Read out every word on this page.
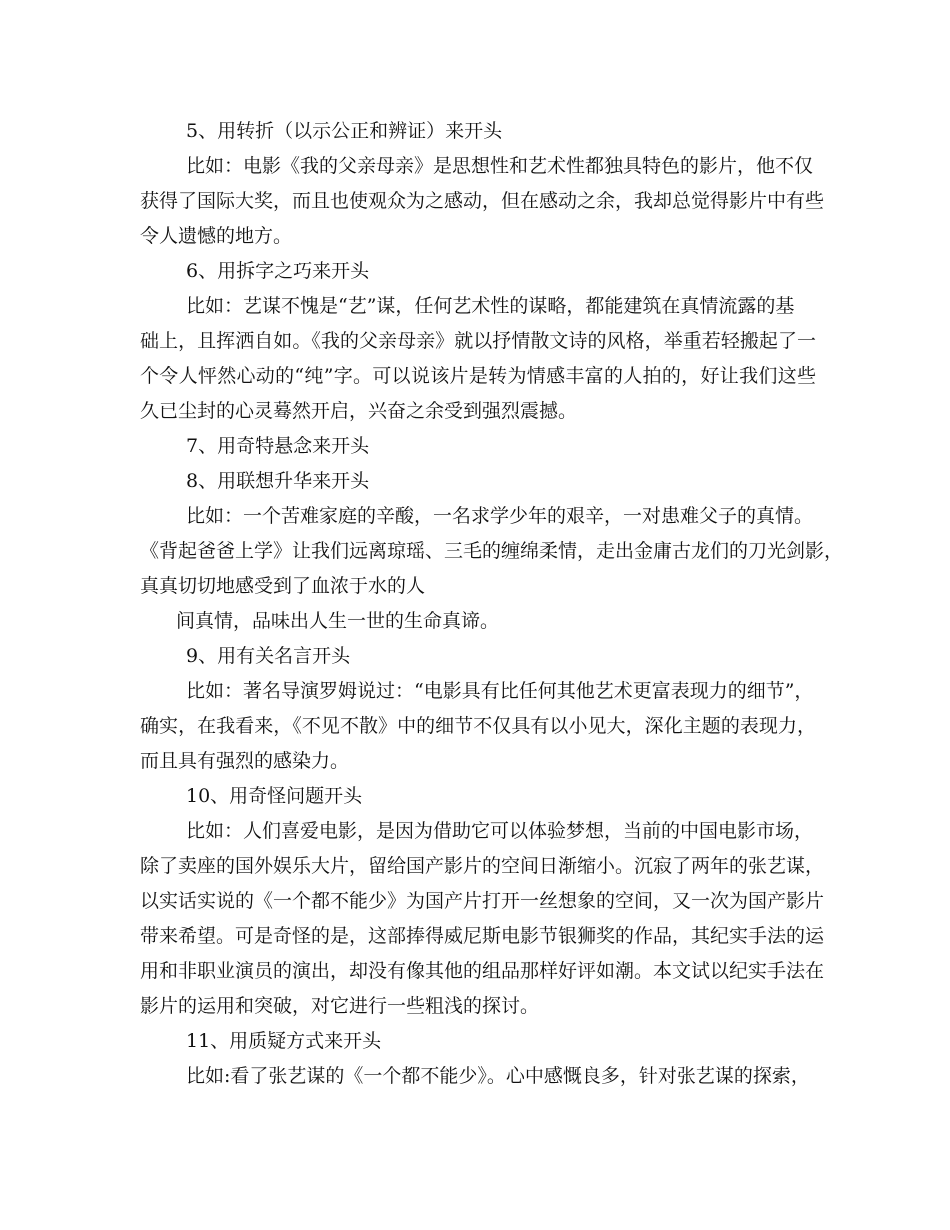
5、用转折（以示公正和辨证）来开头
比如：电影《我的父亲母亲》是思想性和艺术性都独具特色的影片，他不仅
获得了国际大奖，而且也使观众为之感动，但在感动之余，我却总觉得影片中有些
令人遗憾的地方。
6、用拆字之巧来开头
比如：艺谋不愧是“艺”谋，任何艺术性的谋略，都能建筑在真情流露的基
础上，且挥洒自如。《我的父亲母亲》就以抒情散文诗的风格，举重若轻搬起了一
个令人怦然心动的“纯”字。可以说该片是转为情感丰富的人拍的，好让我们这些
久已尘封的心灵蓦然开启，兴奋之余受到强烈震撼。
7、用奇特悬念来开头
8、用联想升华来开头
比如：一个苦难家庭的辛酸，一名求学少年的艰辛，一对患难父子的真情。
《背起爸爸上学》让我们远离琼瑶、三毛的缠绵柔情，走出金庸古龙们的刀光剑影，
真真切切地感受到了血浓于水的人
间真情，品味出人生一世的生命真谛。
9、用有关名言开头
比如：著名导演罗姆说过：“电影具有比任何其他艺术更富表现力的细节”，
确实，在我看来，《不见不散》中的细节不仅具有以小见大，深化主题的表现力，
而且具有强烈的感染力。
10、用奇怪问题开头
比如：人们喜爱电影，是因为借助它可以体验梦想，当前的中国电影市场，
除了卖座的国外娱乐大片，留给国产影片的空间日渐缩小。沉寂了两年的张艺谋，
以实话实说的《一个都不能少》为国产片打开一丝想象的空间，又一次为国产影片
带来希望。可是奇怪的是，这部捧得威尼斯电影节银狮奖的作品，其纪实手法的运
用和非职业演员的演出，却没有像其他的组品那样好评如潮。本文试以纪实手法在
影片的运用和突破，对它进行一些粗浅的探讨。
11、用质疑方式来开头
比如:看了张艺谋的《一个都不能少》。心中感慨良多，针对张艺谋的探索，
